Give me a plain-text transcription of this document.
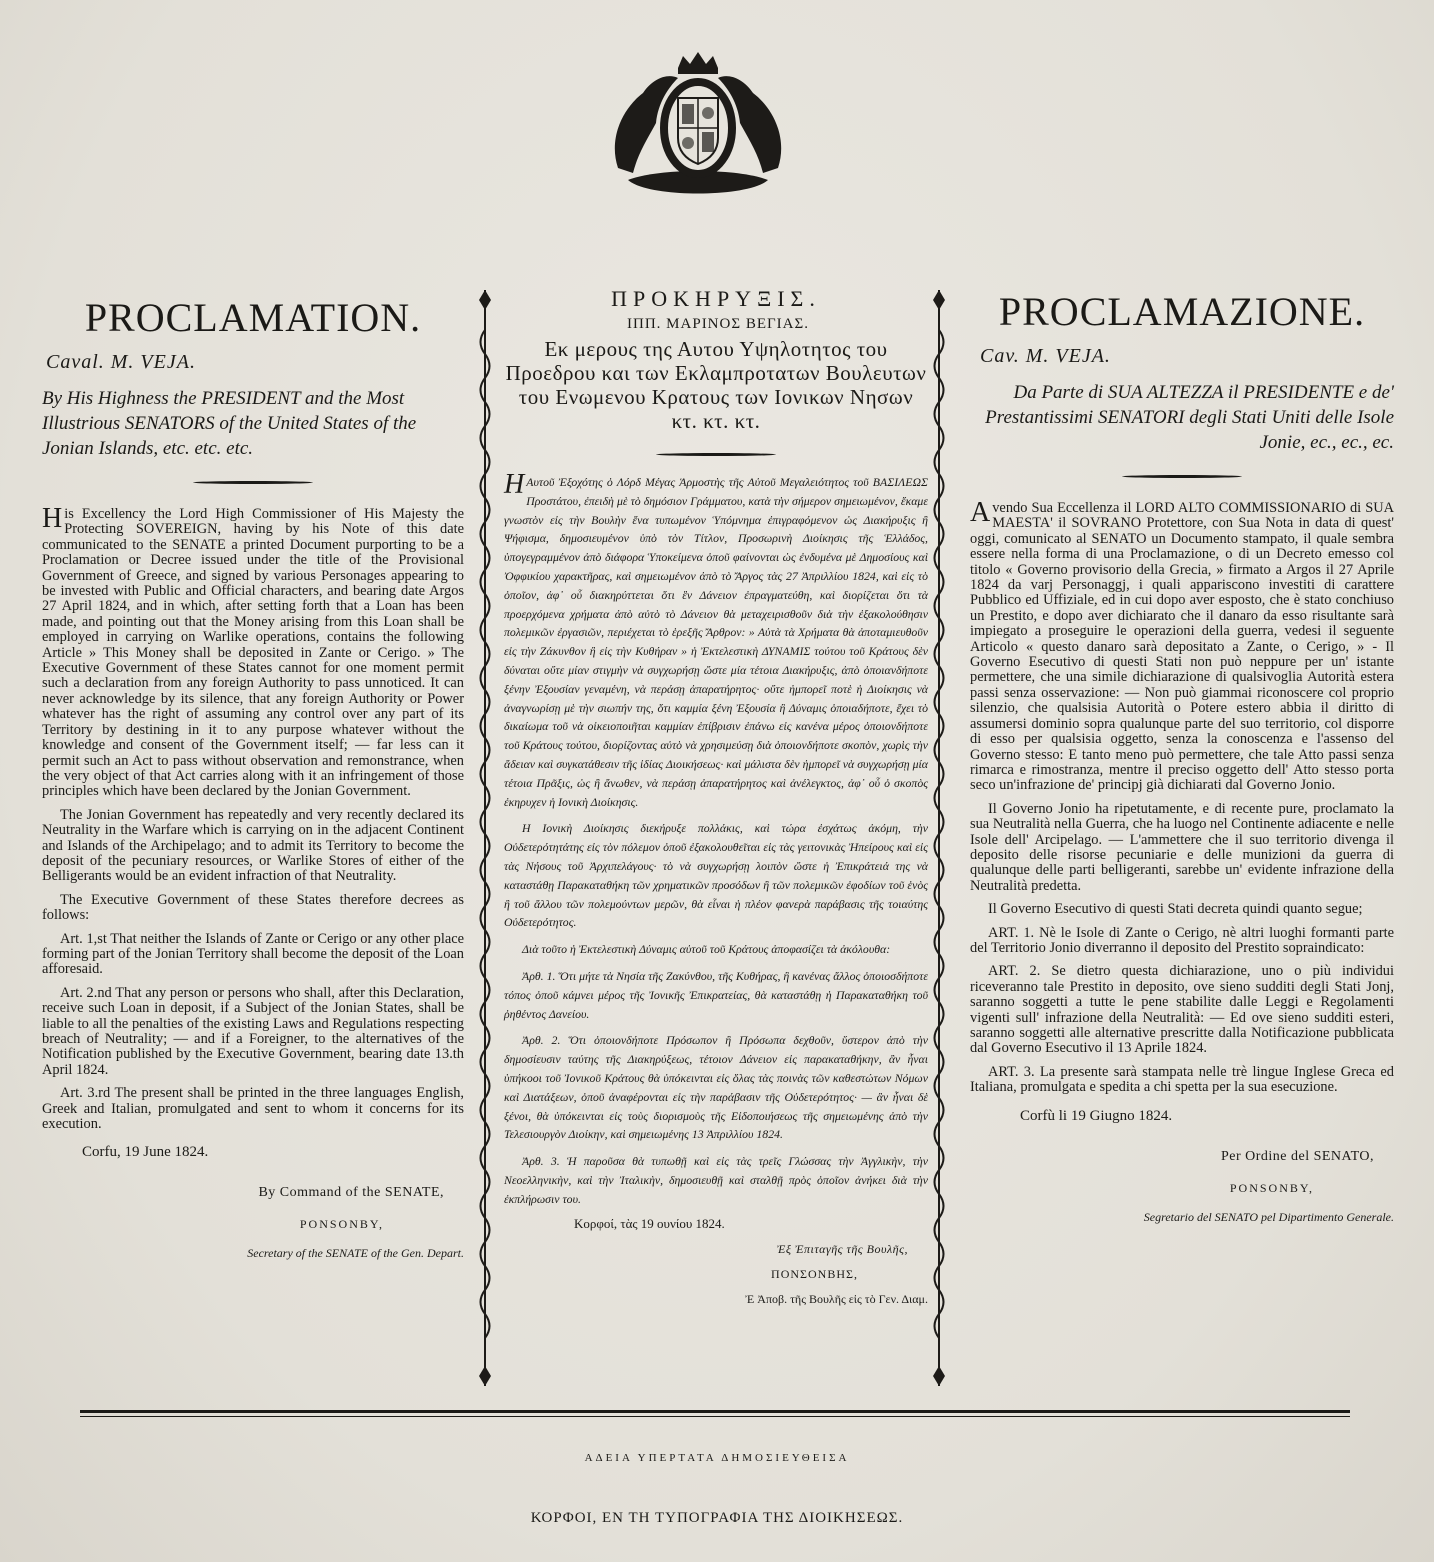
PROCLAMATION.
Caval. M. VEJA.
By His Highness the PRESIDENT and the Most Illustrious SENATORS of the United States of the Jonian Islands, etc. etc. etc.

His Excellency the Lord High Commissioner of His Majesty the Protecting SOVEREIGN, having by his Note of this date communicated to the SENATE a printed Document purporting to be a Proclamation or Decree issued under the title of the Provisional Government of Greece, and signed by various Personages appearing to be invested with Public and Official characters, and bearing date Argos 27 April 1824, and in which, after setting forth that a Loan has been made, and pointing out that the Money arising from this Loan shall be employed in carrying on Warlike operations, contains the following Article » This Money shall be deposited in Zante or Cerigo. » The Executive Government of these States cannot for one moment permit such a declaration from any foreign Authority to pass unnoticed. It can never acknowledge by its silence, that any foreign Authority or Power whatever has the right of assuming any control over any part of its Territory by destining in it to any purpose whatever without the knowledge and consent of the Government itself; — far less can it permit such an Act to pass without observation and remonstrance, when the very object of that Act carries along with it an infringement of those principles which have been declared by the Jonian Government.

The Jonian Government has repeatedly and very recently declared its Neutrality in the Warfare which is carrying on in the adjacent Continent and Islands of the Archipelago; and to admit its Territory to become the deposit of the pecuniary resources, or Warlike Stores of either of the Belligerants would be an evident infraction of that Neutrality.

The Executive Government of these States therefore decrees as follows:

Art. 1,st That neither the Islands of Zante or Cerigo or any other place forming part of the Jonian Territory shall become the deposit of the Loan afforesaid.

Art. 2.nd That any person or persons who shall, after this Declaration, receive such Loan in deposit, if a Subject of the Jonian States, shall be liable to all the penalties of the existing Laws and Regulations respecting breach of Neutrality; — and if a Foreigner, to the alternatives of the Notification published by the Executive Government, bearing date 13.th April 1824.

Art. 3.rd The present shall be printed in the three languages English, Greek and Italian, promulgated and sent to whom it concerns for its execution.

Corfu, 19 June 1824.
By Command of the SENATE,
PONSONBY,
Secretary of the SENATE of the Gen. Depart.
ΠΡΟΚΗΡΥΞΙΣ.
ΙΠΠ. ΜΑΡΙΝΟΣ ΒΕΓΙΑΣ.
Εκ μερους της Αυτου Υψηλοτητος του Προεδρου και των Εκλαμπροτατων Βουλευτων του Ενωμενου Κρατους των Ιονικων Νησων κτ. κτ. κτ.

ΗΑυτοῦ Ἐξοχότης ὁ Λόρδ Μέγας Ἁρμοστὴς τῆς Αὐτοῦ Μεγαλειότητος τοῦ ΒΑΣΙΛΕΩΣ Προστάτου, ἐπειδὴ μὲ τὸ δημόσιον Γράμματου, κατὰ τὴν σήμερον σημειωμένον, ἔκαμε γνωστὸν εἰς τὴν Βουλὴν ἕνα τυπωμένον Ὑπόμνημα ἐπιγραφόμενον ὡς Διακήρυξις ἢ Ψήφισμα, δημοσιευμένον ὑπὸ τὸν Τίτλον, Προσωρινὴ Διοίκησις τῆς Ἑλλάδος, ὑπογεγραμμένον ἀπὸ διάφορα Ὑποκείμενα ὁποῦ φαίνονται ὡς ἐνδυμένα μὲ Δημοσίους καὶ Ὀφφικίου χαρακτῆρας, καὶ σημειωμένον ἀπὸ τὸ Ἄργος τὰς 27 Ἀπριλλίου 1824, καὶ εἰς τὸ ὁποῖον, ἀφ᾽ οὗ διακηρύττεται ὅτι ἓν Δάνειον ἐπραγματεύθη, καὶ διορίζεται ὅτι τὰ προερχόμενα χρήματα ἀπὸ αὐτὸ τὸ Δάνειον θὰ μεταχειρισθοῦν διὰ τὴν ἐξακολούθησιν πολεμικῶν ἐργασιῶν, περιέχεται τὸ ἑρεξῆς Ἄρθρον: » Αὐτὰ τὰ Χρήματα θὰ ἀποταμιευθοῦν εἰς τὴν Ζάκυνθον ἢ εἰς τὴν Κυθήραν » ἡ Ἐκτελεστικὴ ΔΥΝΑΜΙΣ τούτου τοῦ Κράτους δὲν δύναται οὔτε μίαν στιγμὴν νὰ συγχωρήσῃ ὥστε μία τέτοια Διακήρυξις, ἀπὸ ὁποιανδήποτε ξένην Ἐξουσίαν γεναμένη, νὰ περάσῃ ἀπαρατήρητος· οὔτε ἠμπορεῖ ποτὲ ἡ Διοίκησις νὰ ἀναγνωρίσῃ μὲ τὴν σιωπήν της, ὅτι καμμία ξένη Ἐξουσία ἢ Δύναμις ὁποιαδήποτε, ἔχει τὸ δικαίωμα τοῦ νὰ οἰκειοποιῆται καμμίαν ἐπίβρισιν ἐπάνω εἰς κανένα μέρος ὁποιονδήποτε τοῦ Κράτους τούτου, διορίζοντας αὐτὸ νὰ χρησιμεύσῃ διὰ ὁποιονδήποτε σκοπὸν, χωρὶς τὴν ἄδειαν καὶ συγκατάθεσιν τῆς ἰδίας Διοικήσεως· καὶ μάλιστα δὲν ἠμπορεῖ νὰ συγχωρήσῃ μία τέτοια Πρᾶξις, ὡς ἢ ἄνωθεν, νὰ περάσῃ ἀπαρατήρητος καὶ ἀνέλεγκτος, ἀφ᾽ οὗ ὁ σκοπὸς ἐκηρυχεν ἡ Ιονικὴ Διοίκησις.

Η Ιονικὴ Διοίκησις διεκήρυξε πολλάκις, καὶ τώρα ἐσχάτως ἀκόμη, τὴν Οὐδετερότητάτης εἰς τὸν πόλεμον ὁποῦ ἐξακολουθεῖται εἰς τὰς γειτονικὰς Ἠπείρους καὶ εἰς τὰς Νήσους τοῦ Ἀρχιπελάγους· τὸ νὰ συγχωρήσῃ λοιπὸν ὥστε ἡ Ἐπικράτειά της νὰ καταστάθῃ Παρακαταθήκη τῶν χρηματικῶν προσόδων ἢ τῶν πολεμικῶν ἐφοδίων τοῦ ἑνὸς ἢ τοῦ ἄλλου τῶν πολεμούντων μερῶν, θὰ εἶναι ἡ πλέον φανερὰ παράβασις τῆς τοιαύτης Οὐδετερότητος.

Διὰ τοῦτο ἡ Ἐκτελεστικὴ Δύναμις αὐτοῦ τοῦ Κράτους ἀποφασίζει τὰ ἀκόλουθα:

Ἀρθ. 1. Ὅτι μήτε τὰ Νησία τῆς Ζακύνθου, τῆς Κυθήρας, ἢ κανένας ἄλλος ὁποιοσδήποτε τόπος ὁποῦ κάμνει μέρος τῆς Ἰονικῆς Ἐπικρατείας, θὰ καταστάθῃ ἡ Παρακαταθήκη τοῦ ῥηθέντος Δανείου.

Ἀρθ. 2. Ὅτι ὁποιονδήποτε Πρόσωπον ἢ Πρόσωπα δεχθοῦν, ὕστερον ἀπὸ τὴν δημοσίευσιν ταύτης τῆς Διακηρύξεως, τέτοιον Δάνειον εἰς παρακαταθήκην, ἂν ἦναι ὑπήκοοι τοῦ Ἰονικοῦ Κράτους θὰ ὑπόκεινται εἰς ὅλας τὰς ποινὰς τῶν καθεστώτων Νόμων καὶ Διατάξεων, ὁποῦ ἀναφέρονται εἰς τὴν παράβασιν τῆς Οὐδετερότητος· — ἂν ἦναι δὲ ξένοι, θὰ ὑπόκεινται εἰς τοὺς διορισμοὺς τῆς Εἰδοποιήσεως τῆς σημειωμένης ἀπὸ τὴν Τελεσιουργὸν Διοίκην, καὶ σημειωμένης 13 Ἀπριλλίου 1824.

Ἀρθ. 3. Ἡ παροῦσα θὰ τυπωθῇ καὶ εἰς τὰς τρεῖς Γλώσσας τὴν Ἀγγλικὴν, τὴν Νεοελληνικὴν, καὶ τὴν Ἰταλικὴν, δημοσιευθῇ καὶ σταλθῇ πρὸς ὁποῖον ἀνήκει διὰ τὴν ἐκπλήρωσιν του.

Κορφοί, τὰς 19 ουνίου 1824.
Ἐξ Ἐπιταγῆς τῆς Βουλῆς,
ΠΟΝΣΟΝΒΗΣ,
Ἐ Ἀποβ. τῆς Βουλῆς εἰς τὸ Γεν. Διαμ.
PROCLAMAZIONE.
Cav. M. VEJA.
Da Parte di SUA ALTEZZA il PRESIDENTE e de' Prestantissimi SENATORI degli Stati Uniti delle Isole Jonie, ec., ec., ec.

Avendo Sua Eccellenza il LORD ALTO COMMISSIONARIO di SUA MAESTA' il SOVRANO Protettore, con Sua Nota in data di quest' oggi, comunicato al SENATO un Documento stampato, il quale sembra essere nella forma di una Proclamazione, o di un Decreto emesso col titolo « Governo provisorio della Grecia, » firmato a Argos il 27 Aprile 1824 da varj Personaggj, i quali appariscono investiti di carattere Pubblico ed Uffiziale, ed in cui dopo aver esposto, che è stato conchiuso un Prestito, e dopo aver dichiarato che il danaro da esso risultante sarà impiegato a proseguire le operazioni della guerra, vedesi il seguente Articolo « questo danaro sarà depositato a Zante, o Cerigo, » - Il Governo Esecutivo di questi Stati non può neppure per un' istante permettere, che una simile dichiarazione di qualsivoglia Autorità estera passi senza osservazione: — Non può giammai riconoscere col proprio silenzio, che qualsisia Autorità o Potere estero abbia il diritto di assumersi dominio sopra qualunque parte del suo territorio, col disporre di esso per qualsisia oggetto, senza la conoscenza e l'assenso del Governo stesso: E tanto meno può permettere, che tale Atto passi senza rimarca e rimostranza, mentre il preciso oggetto dell' Atto stesso porta seco un'infrazione de' principj già dichiarati dal Governo Jonio.

Il Governo Jonio ha ripetutamente, e di recente pure, proclamato la sua Neutralità nella Guerra, che ha luogo nel Continente adiacente e nelle Isole dell' Arcipelago. — L'ammettere che il suo territorio divenga il deposito delle risorse pecuniarie e delle munizioni da guerra di qualunque delle parti belligeranti, sarebbe un' evidente infrazione della Neutralità predetta.

Il Governo Esecutivo di questi Stati decreta quindi quanto segue;

ART. 1. Nè le Isole di Zante o Cerigo, nè altri luoghi formanti parte del Territorio Jonio diverranno il deposito del Prestito sopraindicato:

ART. 2. Se dietro questa dichiarazione, uno o più individui riceveranno tale Prestito in deposito, ove sieno sudditi degli Stati Jonj, saranno soggetti a tutte le pene stabilite dalle Leggi e Regolamenti vigenti sull' infrazione della Neutralità: — Ed ove sieno sudditi esteri, saranno soggetti alle alternative prescritte dalla Notificazione pubblicata dal Governo Esecutivo il 13 Aprile 1824.

ART. 3. La presente sarà stampata nelle trè lingue Inglese Greca ed Italiana, promulgata e spedita a chi spetta per la sua esecuzione.

Corfù li 19 Giugno 1824.
Per Ordine del SENATO,
PONSONBY,
Segretario del SENATO pel Dipartimento Generale.
ΑΔΕΙΑ ΥΠΕΡΤΑΤΑ ΔΗΜΟΣΙΕΥΘΕΙΣΑ
ΚΟΡΦΟΙ, ΕΝ ΤΗ ΤΥΠΟΓΡΑΦΙΑ ΤΗΣ ΔΙΟΙΚΗΣΕΩΣ.
